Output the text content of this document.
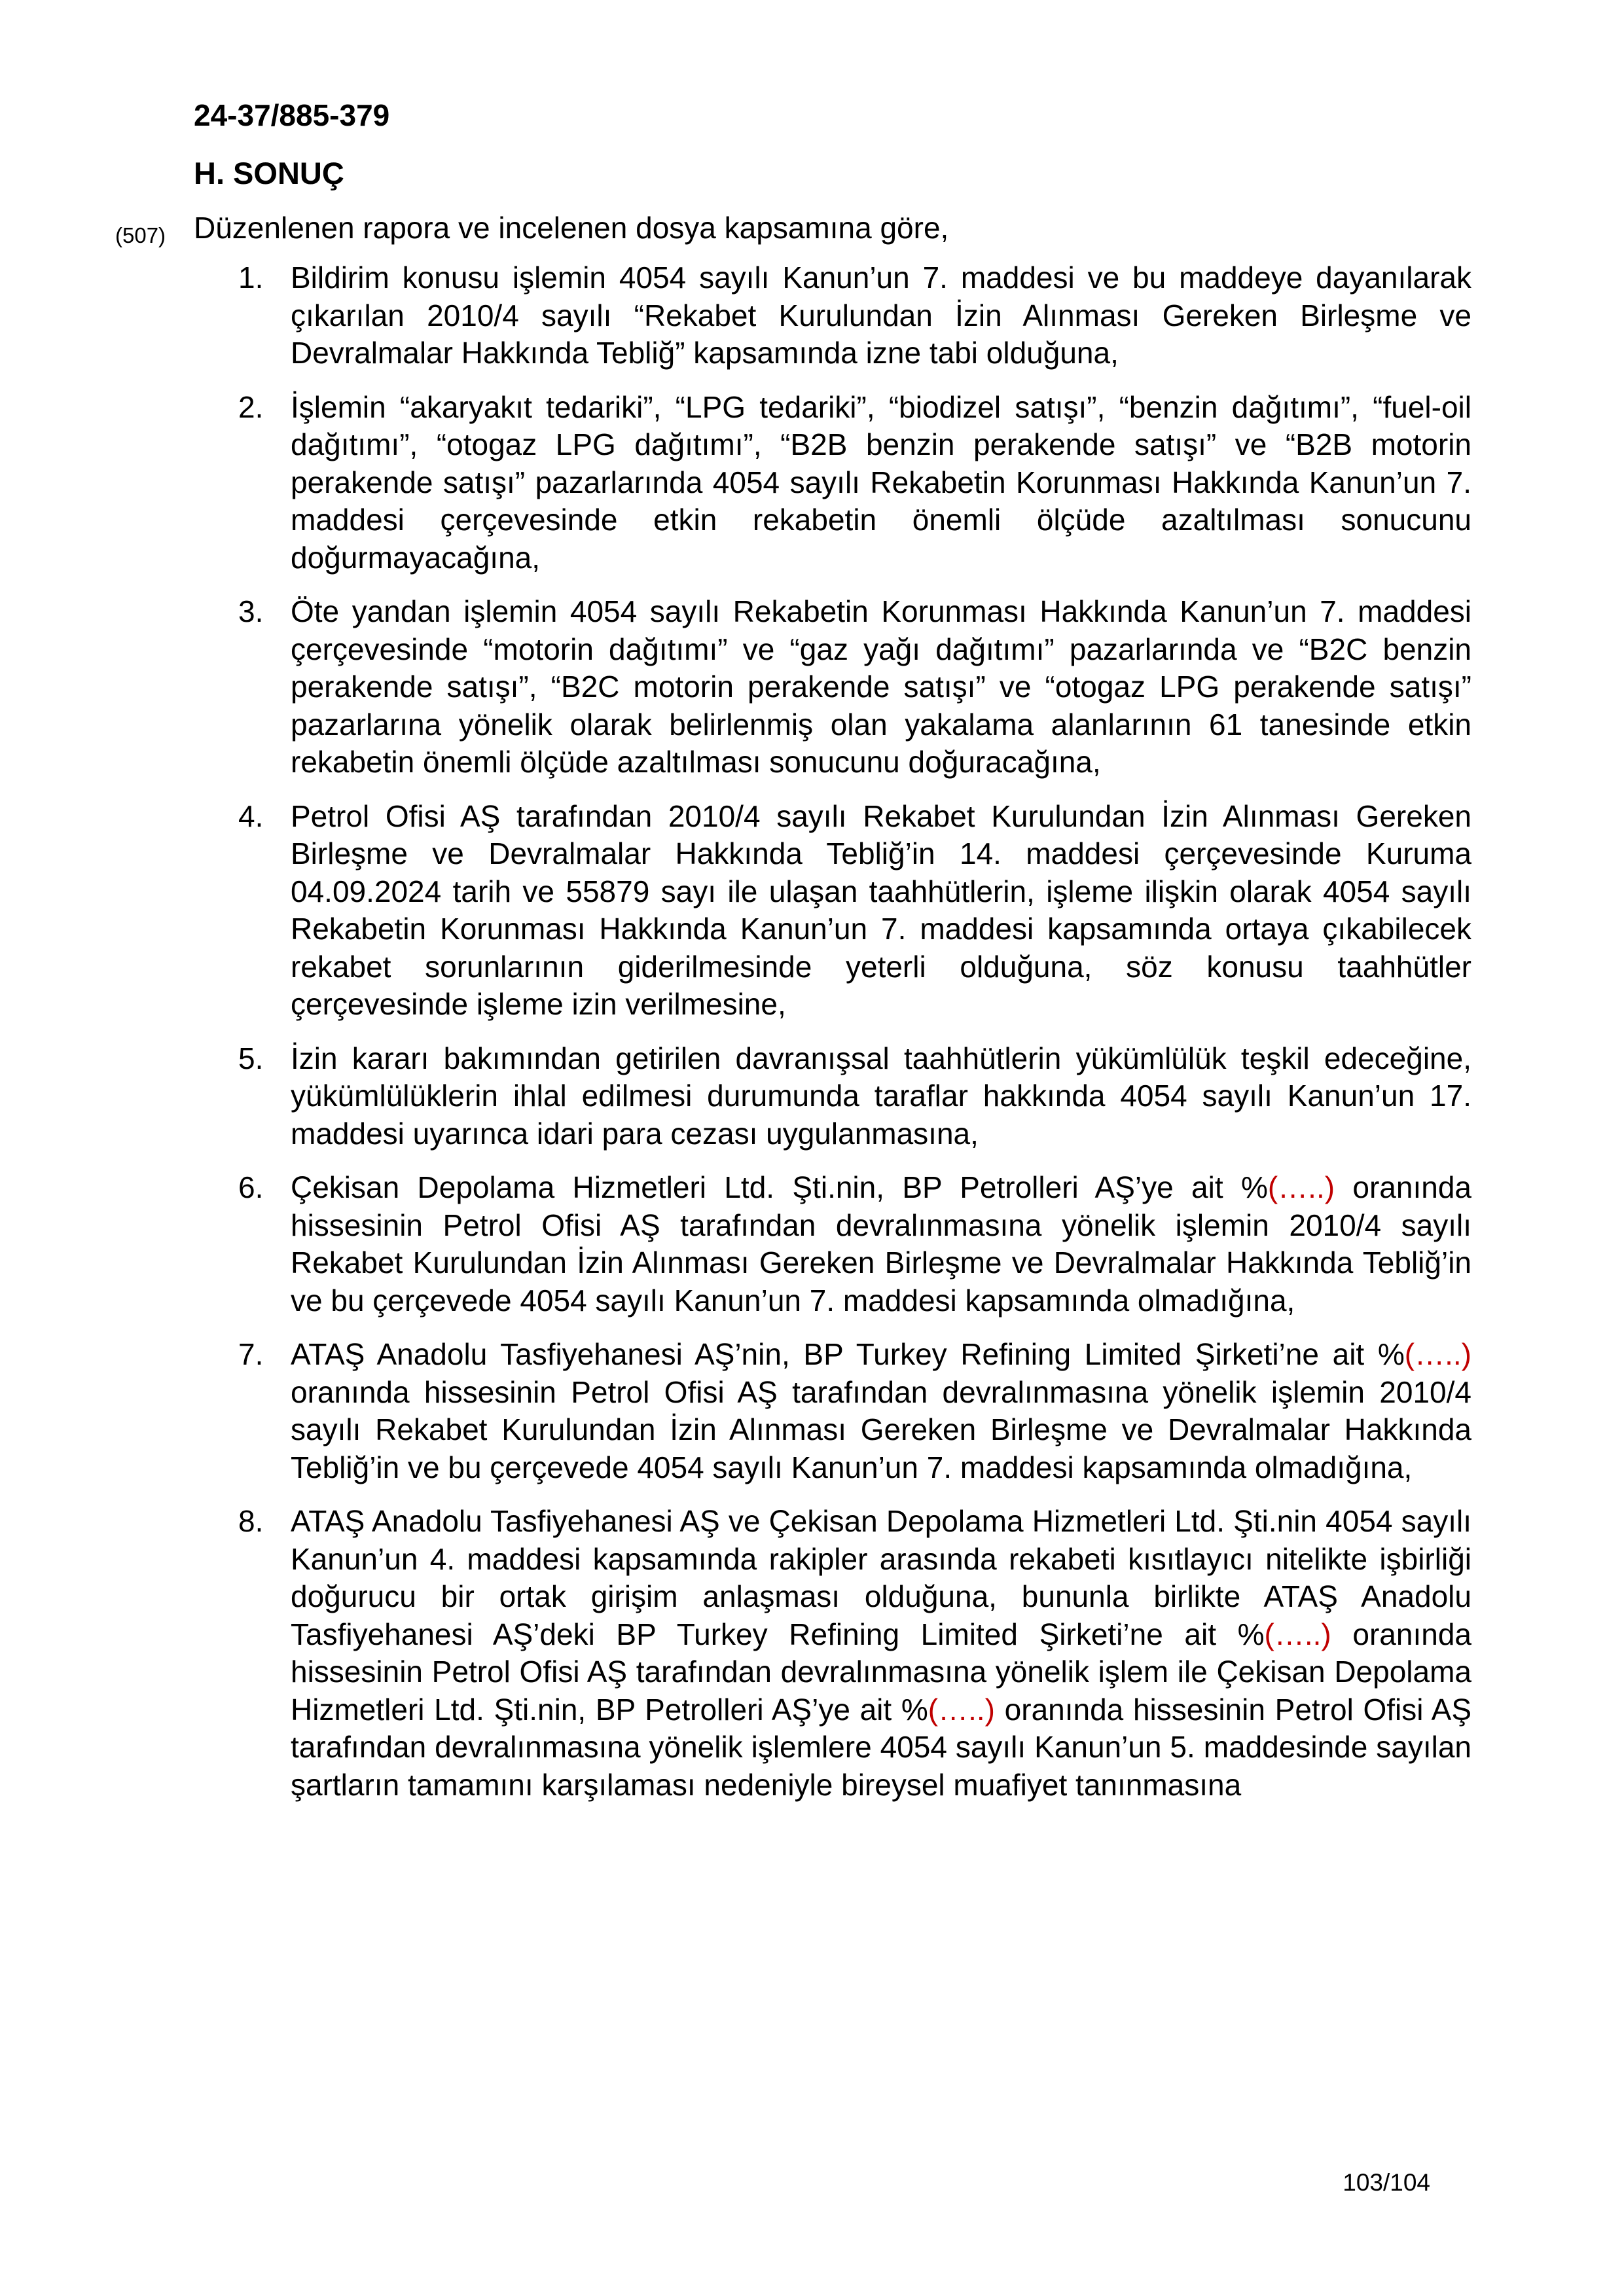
24-37/885-379
H. SONUÇ
(507) Düzenlenen rapora ve incelenen dosya kapsamına göre,
1. Bildirim konusu işlemin 4054 sayılı Kanun’un 7. maddesi ve bu maddeye dayanılarak çıkarılan 2010/4 sayılı “Rekabet Kurulundan İzin Alınması Gereken Birleşme ve Devralmalar Hakkında Tebliğ” kapsamında izne tabi olduğuna,
2. İşlemin “akaryakıt tedariki”, “LPG tedariki”, “biodizel satışı”, “benzin dağıtımı”, “fuel-oil dağıtımı”, “otogaz LPG dağıtımı”, “B2B benzin perakende satışı” ve “B2B motorin perakende satışı” pazarlarında 4054 sayılı Rekabetin Korunması Hakkında Kanun’un 7. maddesi çerçevesinde etkin rekabetin önemli ölçüde azaltılması sonucunu doğurmayacağına,
3. Öte yandan işlemin 4054 sayılı Rekabetin Korunması Hakkında Kanun’un 7. maddesi çerçevesinde “motorin dağıtımı” ve “gaz yağı dağıtımı” pazarlarında ve “B2C benzin perakende satışı”, “B2C motorin perakende satışı” ve “otogaz LPG perakende satışı” pazarlarına yönelik olarak belirlenmiş olan yakalama alanlarının 61 tanesinde etkin rekabetin önemli ölçüde azaltılması sonucunu doğuracağına,
4. Petrol Ofisi AŞ tarafından 2010/4 sayılı Rekabet Kurulundan İzin Alınması Gereken Birleşme ve Devralmalar Hakkında Tebliğ’in 14. maddesi çerçevesinde Kuruma 04.09.2024 tarih ve 55879 sayı ile ulaşan taahhütlerin, işleme ilişkin olarak 4054 sayılı Rekabetin Korunması Hakkında Kanun’un 7. maddesi kapsamında ortaya çıkabilecek rekabet sorunlarının giderilmesinde yeterli olduğuna, söz konusu taahhütler çerçevesinde işleme izin verilmesine,
5. İzin kararı bakımından getirilen davranışsal taahhütlerin yükümlülük teşkil edeceğine, yükümlülüklerin ihlal edilmesi durumunda taraflar hakkında 4054 sayılı Kanun’un 17. maddesi uyarınca idari para cezası uygulanmasına,
6. Çekisan Depolama Hizmetleri Ltd. Şti.nin, BP Petrolleri AŞ’ye ait %(…..) oranında hissesinin Petrol Ofisi AŞ tarafından devralınmasına yönelik işlemin 2010/4 sayılı Rekabet Kurulundan İzin Alınması Gereken Birleşme ve Devralmalar Hakkında Tebliğ’in ve bu çerçevede 4054 sayılı Kanun’un 7. maddesi kapsamında olmadığına,
7. ATAŞ Anadolu Tasfiyehanesi AŞ’nin, BP Turkey Refining Limited Şirketi’ne ait %(…..) oranında hissesinin Petrol Ofisi AŞ tarafından devralınmasına yönelik işlemin 2010/4 sayılı Rekabet Kurulundan İzin Alınması Gereken Birleşme ve Devralmalar Hakkında Tebliğ’in ve bu çerçevede 4054 sayılı Kanun’un 7. maddesi kapsamında olmadığına,
8. ATAŞ Anadolu Tasfiyehanesi AŞ ve Çekisan Depolama Hizmetleri Ltd. Şti.nin 4054 sayılı Kanun’un 4. maddesi kapsamında rakipler arasında rekabeti kısıtlayıcı nitelikte işbirliği doğurucu bir ortak girişim anlaşması olduğuna, bununla birlikte ATAŞ Anadolu Tasfiyehanesi AŞ’deki BP Turkey Refining Limited Şirketi’ne ait %(…..) oranında hissesinin Petrol Ofisi AŞ tarafından devralınmasına yönelik işlem ile Çekisan Depolama Hizmetleri Ltd. Şti.nin, BP Petrolleri AŞ’ye ait %(…..) oranında hissesinin Petrol Ofisi AŞ tarafından devralınmasına yönelik işlemlere 4054 sayılı Kanun’un 5. maddesinde sayılan şartların tamamını karşılaması nedeniyle bireysel muafiyet tanınmasına
103/104
